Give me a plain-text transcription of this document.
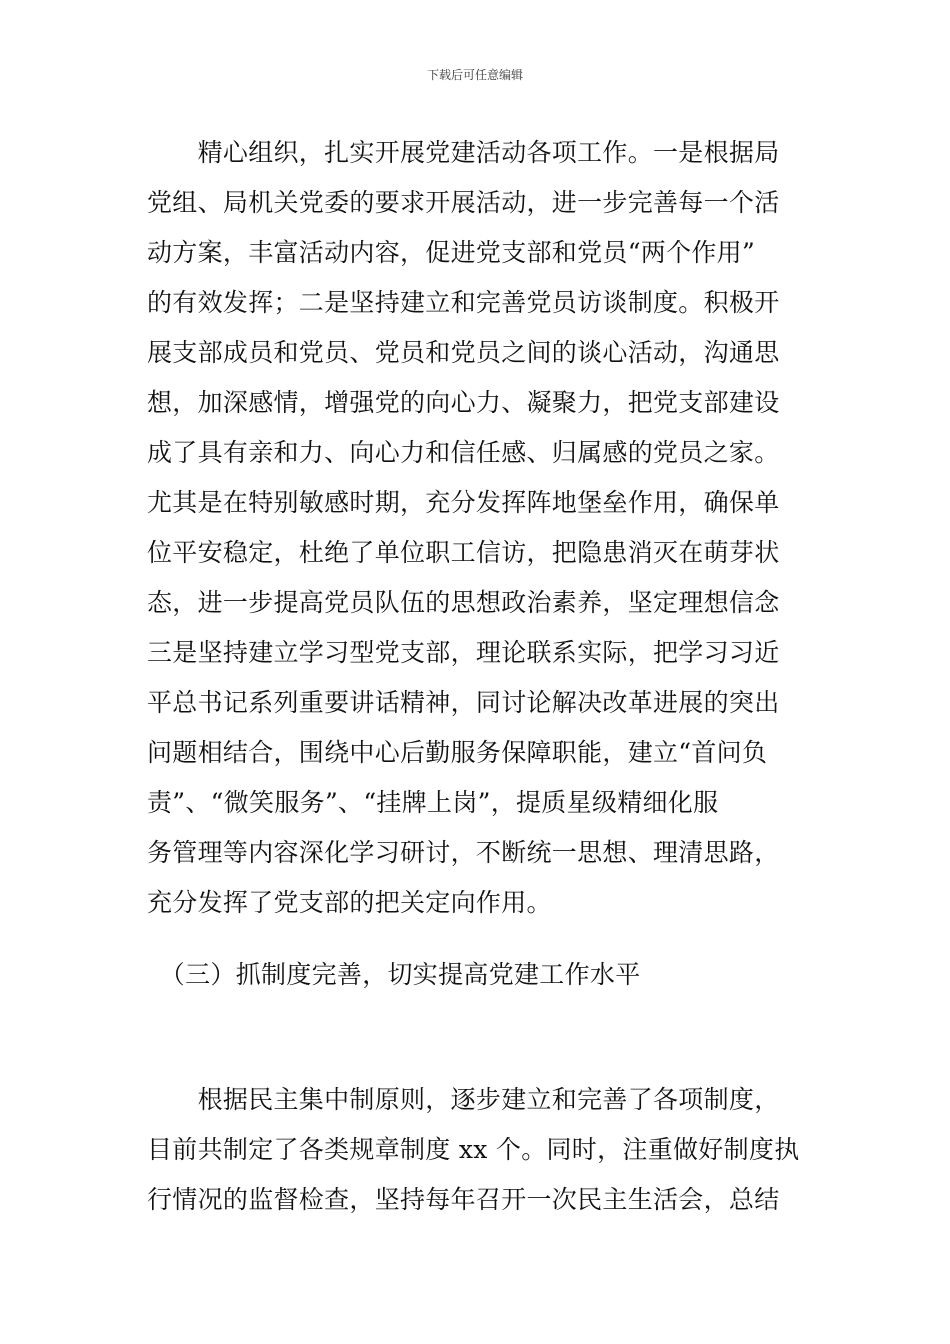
下载后可任意编辑
　　精心组织，扎实开展党建活动各项工作。一是根据局
党组、局机关党委的要求开展活动，进一步完善每一个活
动方案，丰富活动内容，促进党支部和党员“两个作用”
的有效发挥；二是坚持建立和完善党员访谈制度。积极开
展支部成员和党员、党员和党员之间的谈心活动，沟通思
想，加深感情，增强党的向心力、凝聚力，把党支部建设
成了具有亲和力、向心力和信任感、归属感的党员之家。
尤其是在特别敏感时期，充分发挥阵地堡垒作用，确保单
位平安稳定，杜绝了单位职工信访，把隐患消灭在萌芽状
态，进一步提高党员队伍的思想政治素养，坚定理想信念
三是坚持建立学习型党支部，理论联系实际，把学习习近
平总书记系列重要讲话精神，同讨论解决改革进展的突出
问题相结合，围绕中心后勤服务保障职能，建立“首问负
责”、“微笑服务”、“挂牌上岗”，提质星级精细化服
务管理等内容深化学习研讨，不断统一思想、理清思路，
充分发挥了党支部的把关定向作用。
　（三）抓制度完善，切实提高党建工作水平
　　根据民主集中制原则，逐步建立和完善了各项制度，
目前共制定了各类规章制度 xx 个。同时，注重做好制度执
行情况的监督检查，坚持每年召开一次民主生活会，总结
